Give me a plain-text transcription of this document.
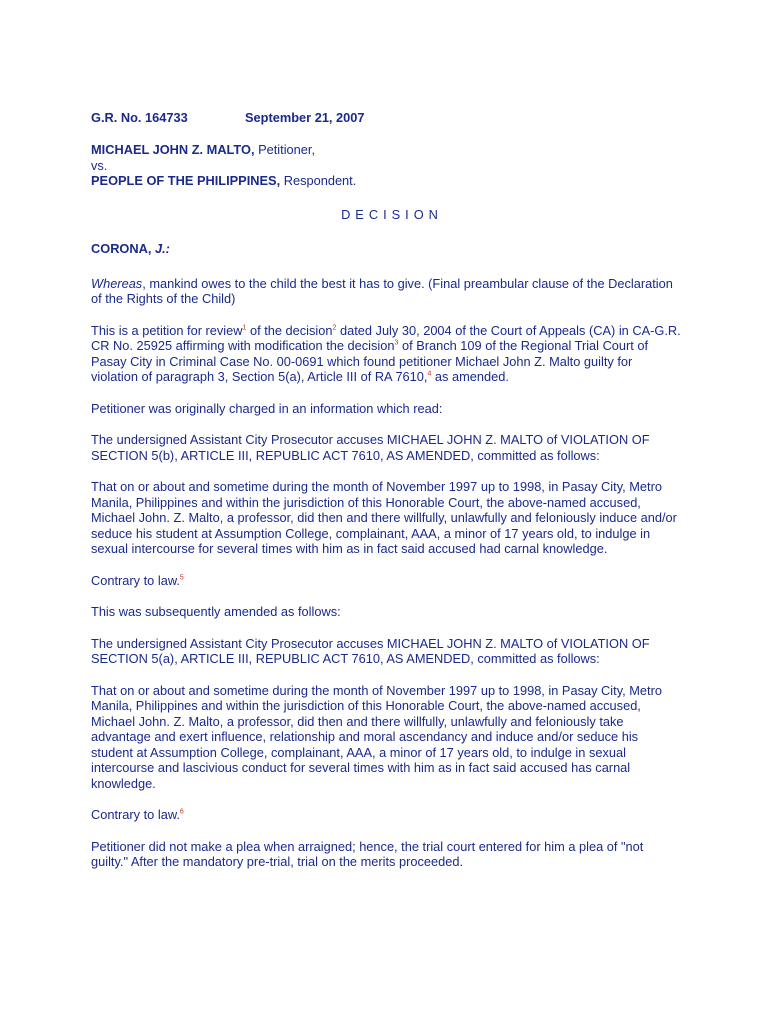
G.R. No. 164733	September 21, 2007

MICHAEL JOHN Z. MALTO, Petitioner,

vs.

PEOPLE OF THE PHILIPPINES, Respondent.

DECISION

CORONA, J.:

Whereas, mankind owes to the child the best it has to give. (Final preambular clause of the Declaration of the Rights of the Child)

This is a petition for review$^1$ of the decision$^2$ dated July 30, 2004 of the Court of Appeals (CA) in CA-G.R. CR No. 25925 affirming with modification the decision$^3$ of Branch 109 of the Regional Trial Court of Pasay City in Criminal Case No. 00-0691 which found petitioner Michael John Z. Malto guilty for violation of paragraph 3, Section 5(a), Article III of RA 7610,$^4$ as amended.

Petitioner was originally charged in an information which read:

The undersigned Assistant City Prosecutor accuses MICHAEL JOHN Z. MALTO of VIOLATION OF SECTION 5(b), ARTICLE III, REPUBLIC ACT 7610, AS AMENDED, committed as follows:

That on or about and sometime during the month of November 1997 up to 1998, in Pasay City, Metro Manila, Philippines and within the jurisdiction of this Honorable Court, the above-named accused, Michael John. Z. Malto, a professor, did then and there willfully, unlawfully and feloniously induce and/or seduce his student at Assumption College, complainant, AAA, a minor of 17 years old, to indulge in sexual intercourse for several times with him as in fact said accused had carnal knowledge.

Contrary to law.$^5$

This was subsequently amended as follows:

The undersigned Assistant City Prosecutor accuses MICHAEL JOHN Z. MALTO of VIOLATION OF SECTION 5(a), ARTICLE III, REPUBLIC ACT 7610, AS AMENDED, committed as follows:

That on or about and sometime during the month of November 1997 up to 1998, in Pasay City, Metro Manila, Philippines and within the jurisdiction of this Honorable Court, the above-named accused, Michael John. Z. Malto, a professor, did then and there willfully, unlawfully and feloniously take advantage and exert influence, relationship and moral ascendancy and induce and/or seduce his student at Assumption College, complainant, AAA, a minor of 17 years old, to indulge in sexual intercourse and lascivious conduct for several times with him as in fact said accused has carnal knowledge.

Contrary to law.$^6$

Petitioner did not make a plea when arraigned; hence, the trial court entered for him a plea of "not guilty." After the mandatory pre-trial, trial on the merits proceeded.
